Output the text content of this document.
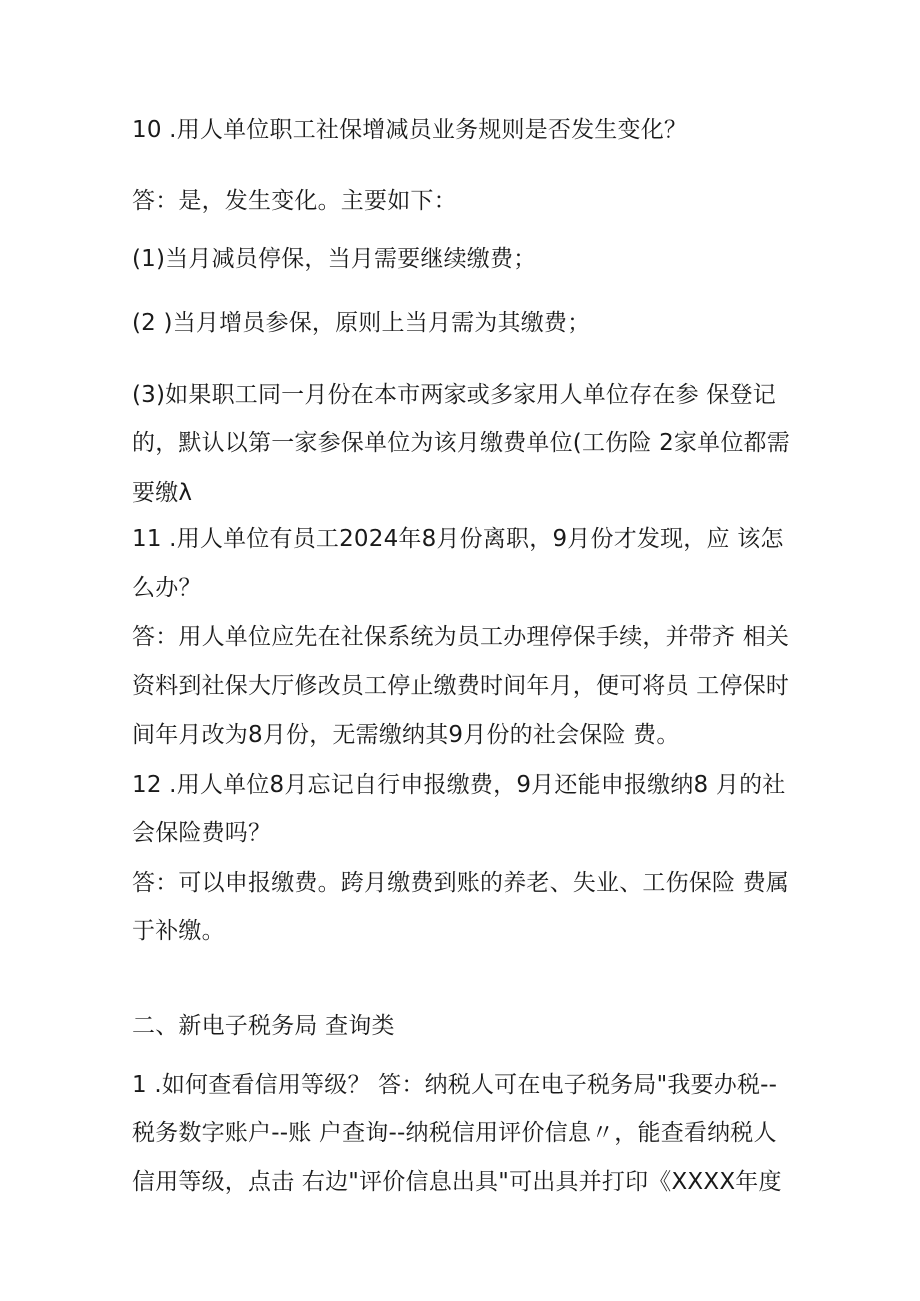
10 .用人单位职工社保增减员业务规则是否发生变化？
答：是，发生变化。主要如下：
(1)当月减员停保，当月需要继续缴费；
(2 )当月增员参保，原则上当月需为其缴费；
(3)如果职工同一月份在本市两家或多家用人单位存在参 保登记
的，默认以第一家参保单位为该月缴费单位(工伤险 2家单位都需
要缴λ
11 .用人单位有员工2024年8月份离职，9月份才发现，应 该怎
么办？
答：用人单位应先在社保系统为员工办理停保手续，并带齐 相关
资料到社保大厅修改员工停止缴费时间年月，便可将员 工停保时
间年月改为8月份，无需缴纳其9月份的社会保险 费。
12 .用人单位8月忘记自行申报缴费，9月还能申报缴纳8 月的社
会保险费吗？
答：可以申报缴费。跨月缴费到账的养老、失业、工伤保险 费属
于补缴。
二、新电子税务局 查询类
1 .如何查看信用等级？ 答：纳税人可在电子税务局"我要办税--
税务数字账户--账 户查询--纳税信用评价信息〃，能查看纳税人
信用等级，点击 右边"评价信息出具"可出具并打印《XXXX年度
